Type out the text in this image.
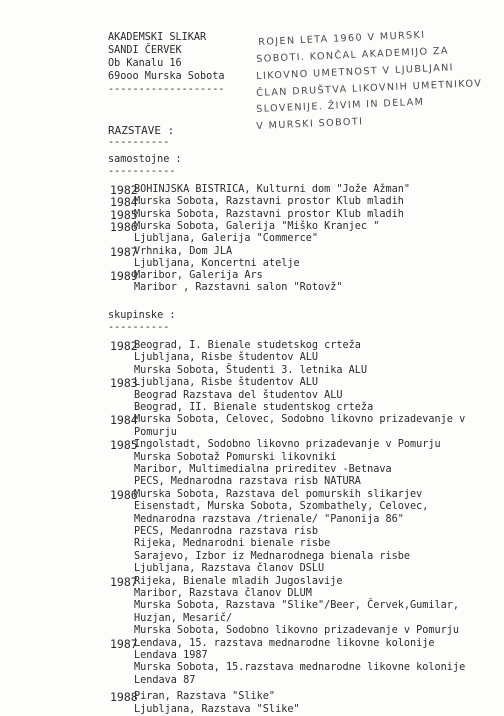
AKADEMSKI SLIKAR
SANDI ČERVEK
Ob Kanalu 16
69ooo Murska Sobota
-------------------
ROJEN LETA 1960 V MURSKI
SOBOTI. KONČAL AKADEMIJO ZA
LIKOVNO UMETNOST V LJUBLJANI
ČLAN DRUŠTVA LIKOVNIH UMETNIKOV
SLOVENIJE. ŽIVIM IN DELAM
V MURSKI SOBOTI
RAZSTAVE :
----------
samostojne :
-----------
1982
BOHINJSKA BISTRICA, Kulturni dom "Jože Ažman"
1984
Murska Sobota, Razstavni prostor Klub mladih
1985
Murska Sobota, Razstavni prostor Klub mladih
1986
Murska Sobota, Galerija "Miško Kranjec "
Ljubljana, Galerija "Commerce"
1987
Vrhnika, Dom JLA
Ljubljana, Koncertni atelje
1989
Maribor, Galerija Ars
Maribor , Razstavni salon "Rotovž"
skupinske :
----------
1982
Beograd, I. Bienale studetskog crteža
Ljubljana, Risbe študentov ALU
Murska Sobota, Študenti 3. letnika ALU
1983
Ljubljana, Risbe študentov ALU
Beograd Razstava del študentov ALU
Beograd, II. Bienale studentskog crteža
1984
Murska Sobota, Celovec, Sodobno likovno prizadevanje v
Pomurju
1985
Ingolstadt, Sodobno likovno prizadevanje v Pomurju
Murska Sobotaž Pomurski likovniki
Maribor, Multimedialna prireditev -Betnava
PECS, Mednarodna razstava risb NATURA
1986
Murska Sobota, Razstava del pomurskih slikarjev
Eisenstadt, Murska Sobota, Szombathely, Celovec,
Mednarodna razstava /trienale/ "Panonija 86"
PECS, Medanrodna razstava risb
Rijeka, Mednarodni bienale risbe
Sarajevo, Izbor iz Mednarodnega bienala risbe
Ljubljana, Razstava članov DSLU
1987
Rijeka, Bienale mladih Jugoslavije
Maribor, Razstava članov DLUM
Murska Sobota, Razstava "Slike"/Beer, Červek,Gumilar,
Huzjan, Mesarič/
Murska Sobota, Sodobno likovno prizadevanje v Pomurju
1987
Lendava, 15. razstava mednarodne likovne kolonije
Lendava 1987
Murska Sobota, 15.razstava mednarodne likovne kolonije
Lendava 87
1988
Piran, Razstava "Slike"
Ljubljana, Razstava "Slike"
